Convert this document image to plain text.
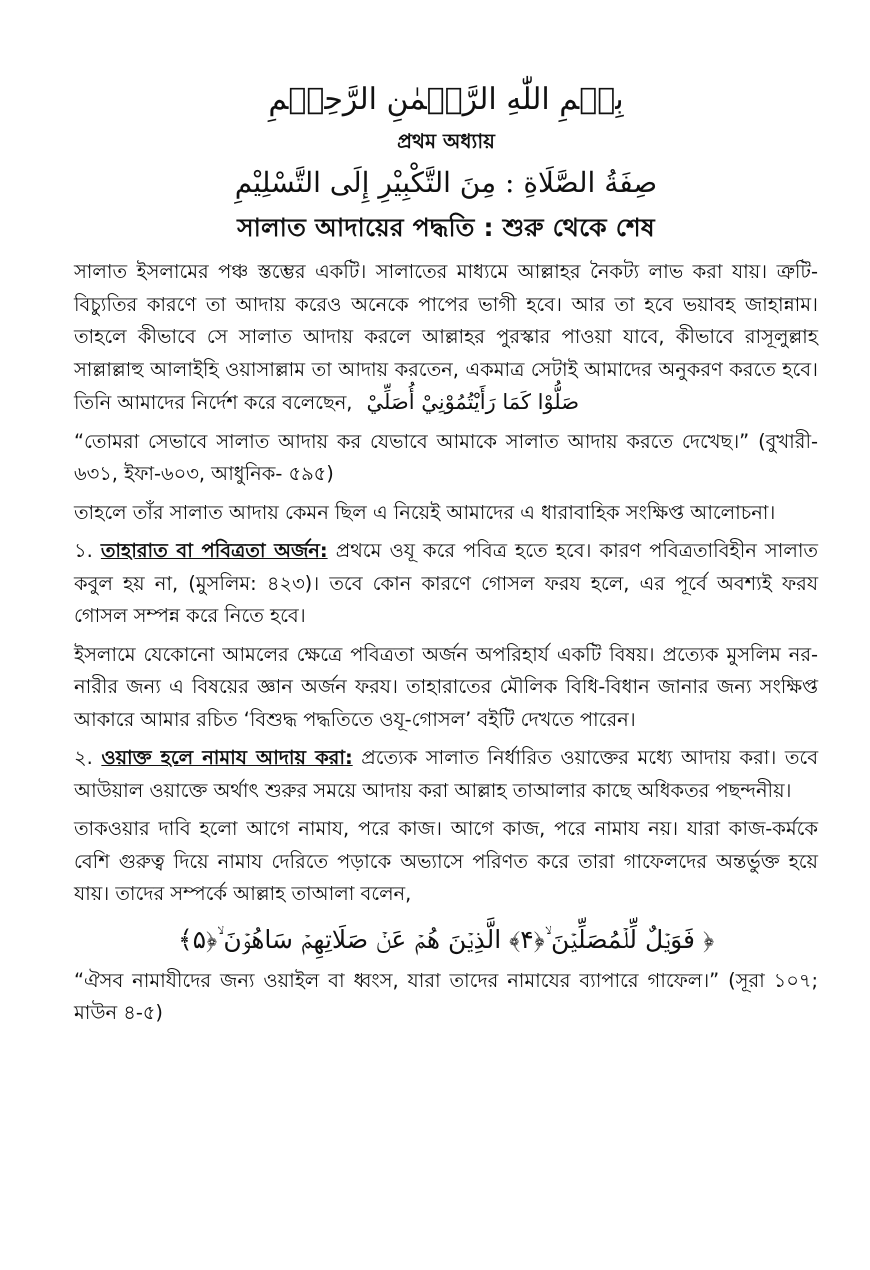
بِسۡمِ اللّٰهِ الرَّحۡمٰنِ الرَّحِیۡمِ

প্রথম অধ্যায়

صِفَةُ الصَّلَاةِ : مِنَ التَّكْبِيْرِ إِلَى التَّسْلِيْمِ

সালাত আদায়ের পদ্ধতি : শুরু থেকে শেষ

সালাত ইসলামের পঞ্চ স্তম্ভের একটি। সালাতের মাধ্যমে আল্লাহর নৈকট্য লাভ করা যায়। ত্রুটি-বিচ্যুতির কারণে তা আদায় করেও অনেকে পাপের ভাগী হবে। আর তা হবে ভয়াবহ জাহান্নাম। তাহলে কীভাবে সে সালাত আদায় করলে আল্লাহর পুরস্কার পাওয়া যাবে, কীভাবে রাসূলুল্লাহ সাল্লাল্লাহু আলাইহি ওয়াসাল্লাম তা আদায় করতেন, একমাত্র সেটাই আমাদের অনুকরণ করতে হবে। তিনি আমাদের নির্দেশ করে বলেছেন, صَلُّوْا كَمَا رَأَيْتُمُوْنِيْ أُصَلِّيْ

“তোমরা সেভাবে সালাত আদায় কর যেভাবে আমাকে সালাত আদায় করতে দেখেছ।” (বুখারী- ৬৩১, ইফা-৬০৩, আধুনিক- ৫৯৫)

তাহলে তাঁর সালাত আদায় কেমন ছিল এ নিয়েই আমাদের এ ধারাবাহিক সংক্ষিপ্ত আলোচনা।

১. তাহারাত বা পবিত্রতা অর্জন: প্রথমে ওযূ করে পবিত্র হতে হবে। কারণ পবিত্রতাবিহীন সালাত কবুল হয় না, (মুসলিম: ৪২৩)। তবে কোন কারণে গোসল ফরয হলে, এর পূর্বে অবশ্যই ফরয গোসল সম্পন্ন করে নিতে হবে।

ইসলামে যেকোনো আমলের ক্ষেত্রে পবিত্রতা অর্জন অপরিহার্য একটি বিষয়। প্রত্যেক মুসলিম নর-নারীর জন্য এ বিষয়ের জ্ঞান অর্জন ফরয। তাহারাতের মৌলিক বিধি-বিধান জানার জন্য সংক্ষিপ্ত আকারে আমার রচিত ‘বিশুদ্ধ পদ্ধতিতে ওযূ-গোসল’ বইটি দেখতে পারেন।

২. ওয়াক্ত হলে নামায আদায় করা: প্রত্যেক সালাত নির্ধারিত ওয়াক্তের মধ্যে আদায় করা। তবে আউয়াল ওয়াক্তে অর্থাৎ শুরুর সময়ে আদায় করা আল্লাহ তাআলার কাছে অধিকতর পছন্দনীয়।

তাকওয়ার দাবি হলো আগে নামায, পরে কাজ। আগে কাজ, পরে নামায নয়। যারা কাজ-কর্মকে বেশি গুরুত্ব দিয়ে নামায দেরিতে পড়াকে অভ্যাসে পরিণত করে তারা গাফেলদের অন্তর্ভুক্ত হয়ে যায়। তাদের সম্পর্কে আল্লাহ তাআলা বলেন,

﴿ فَوَيۡلٌ لِّلۡمُصَلِّیۡنَ ۙ﴿۴﴾ الَّذِیۡنَ هُمۡ عَنۡ صَلَاتِهِمۡ سَاهُوۡنَ ۙ﴿۵﴾

“ঐসব নামাযীদের জন্য ওয়াইল বা ধ্বংস, যারা তাদের নামাযের ব্যাপারে গাফেল।” (সূরা ১০৭; মাউন ৪-৫)
